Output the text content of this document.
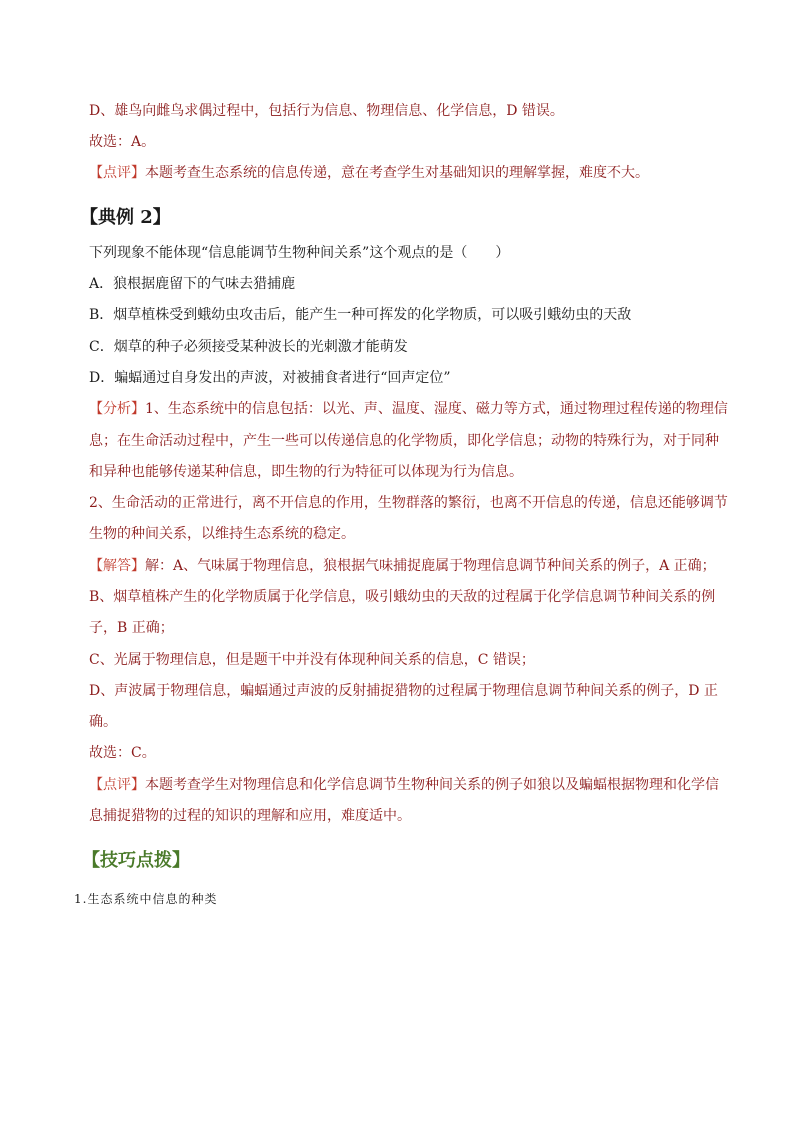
D、雄鸟向雌鸟求偶过程中，包括行为信息、物理信息、化学信息，D 错误。
故选：A。
【点评】本题考查生态系统的信息传递，意在考查学生对基础知识的理解掌握，难度不大。
【典例 2】
下列现象不能体现“信息能调节生物种间关系”这个观点的是（　　）
A．狼根据鹿留下的气味去猎捕鹿
B．烟草植株受到蛾幼虫攻击后，能产生一种可挥发的化学物质，可以吸引蛾幼虫的天敌
C．烟草的种子必须接受某种波长的光刺激才能萌发
D．蝙蝠通过自身发出的声波，对被捕食者进行“回声定位”
【分析】1、生态系统中的信息包括：以光、声、温度、湿度、磁力等方式，通过物理过程传递的物理信
息；在生命活动过程中，产生一些可以传递信息的化学物质，即化学信息；动物的特殊行为，对于同种
和异种也能够传递某种信息，即生物的行为特征可以体现为行为信息。
2、生命活动的正常进行，离不开信息的作用，生物群落的繁衍，也离不开信息的传递，信息还能够调节
生物的种间关系，以维持生态系统的稳定。
【解答】解：A、气味属于物理信息，狼根据气味捕捉鹿属于物理信息调节种间关系的例子，A 正确；
B、烟草植株产生的化学物质属于化学信息，吸引蛾幼虫的天敌的过程属于化学信息调节种间关系的例
子，B 正确；
C、光属于物理信息，但是题干中并没有体现种间关系的信息，C 错误；
D、声波属于物理信息，蝙蝠通过声波的反射捕捉猎物的过程属于物理信息调节种间关系的例子，D 正
确。
故选：C。
【点评】本题考查学生对物理信息和化学信息调节生物种间关系的例子如狼以及蝙蝠根据物理和化学信
息捕捉猎物的过程的知识的理解和应用，难度适中。
【技巧点拨】
1.生态系统中信息的种类
